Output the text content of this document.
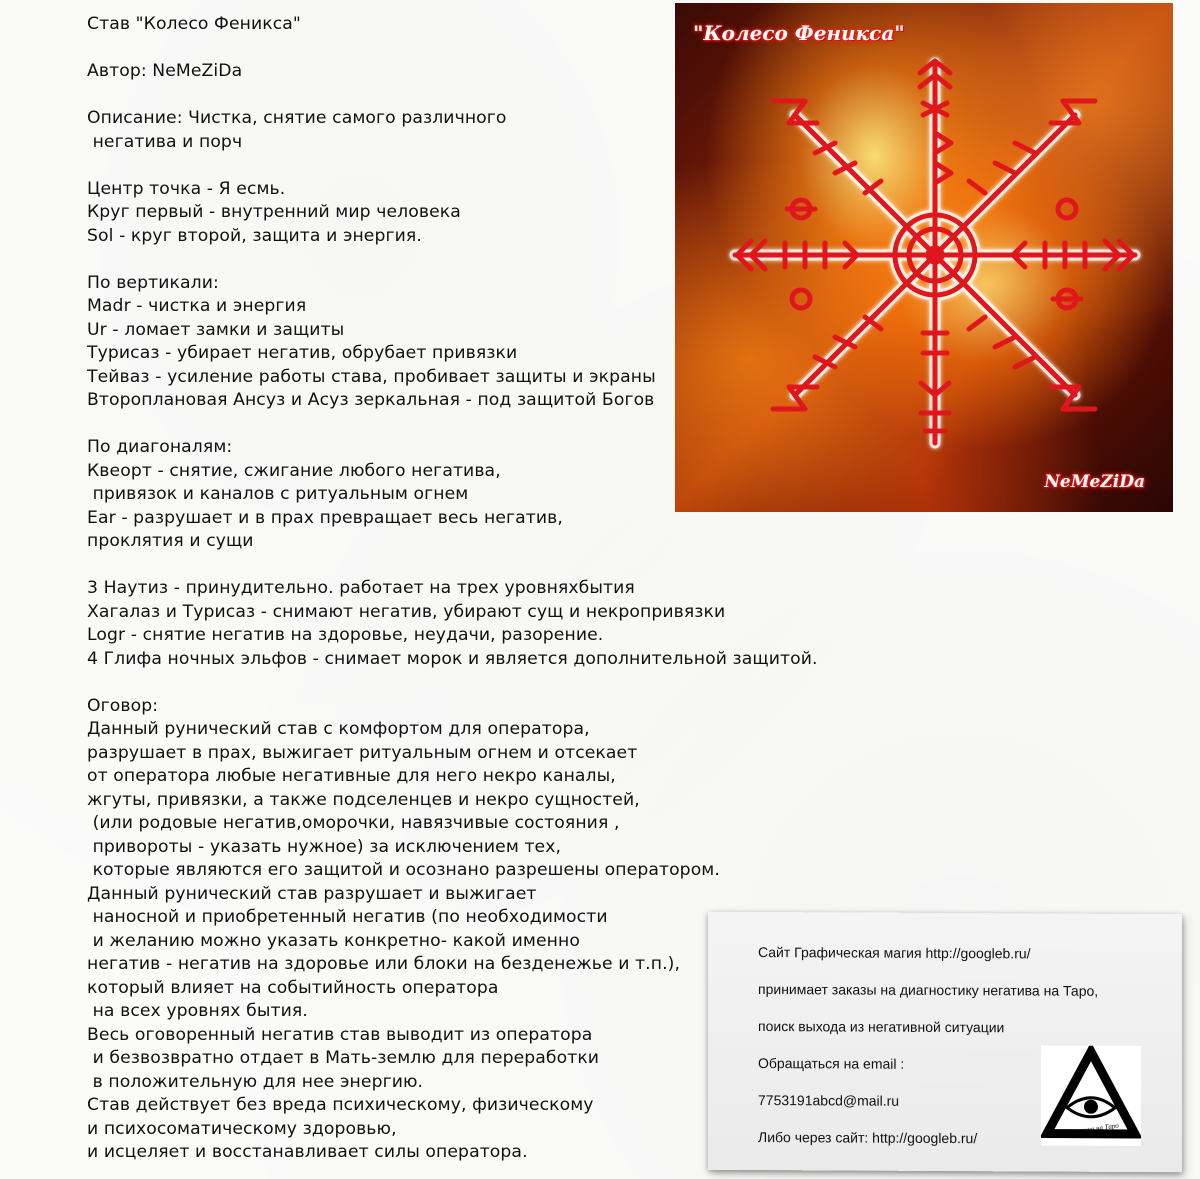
Став "Колесо Феникса"
Автор: NeMeZiDa
Описание: Чистка, снятие самого различного
негатива и порч
Центр точка - Я есмь.
Круг первый - внутренний мир человека
Sol - круг второй, защита и энергия.
По вертикали:
Madr - чистка и энергия
Ur - ломает замки и защиты
Турисаз - убирает негатив, обрубает привязки
Тейваз - усиление работы става, пробивает защиты и экраны
Второплановая Ансуз и Асуз зеркальная - под защитой Богов
По диагоналям:
Квеорт - снятие, сжигание любого негатива,
привязок и каналов с ритуальным огнем
Ear - разрушает и в прах превращает весь негатив,
проклятия и сущи
3 Наутиз - принудительно. работает на трех уровняхбытия
Хагалаз и Турисаз - снимают негатив, убирают сущ и некропривязки
Logr - снятие негатив на здоровье, неудачи, разорение.
4 Глифа ночных эльфов - снимает морок и является дополнительной защитой.
Оговор:
Данный рунический став с комфортом для оператора,
разрушает в прах, выжигает ритуальным огнем и отсекает
от оператора любые негативные для него некро каналы,
жгуты, привязки, а также подселенцев и некро сущностей,
(или родовые негатив,оморочки, навязчивые состояния ,
привороты - указать нужное) за исключением тех,
которые являются его защитой и осознано разрешены оператором.
Данный рунический став разрушает и выжигает
наносной и приобретенный негатив (по необходимости
и желанию можно указать конкретно- какой именно
негатив - негатив на здоровье или блоки на безденежье и т.п.),
который влияет на событийность оператора
на всех уровнях бытия.
Весь оговоренный негатив став выводит из оператора
и безвозвратно отдает в Мать-землю для переработки
в положительную для нее энергию.
Став действует без вреда психическому, физическому
и психосоматическому здоровью,
и исцеляет и восстанавливает силы оператора.
"Колесо Феникса"
NeMeZiDa
Сайт Графическая магия http://googleb.ru/
принимает заказы на диагностику негатива на Таро,
поиск выхода из негативной ситуации
Обращаться на email :
7753191abcd@mail.ru
Либо через сайт: http://googleb.ru/	Диагностика на Таро
